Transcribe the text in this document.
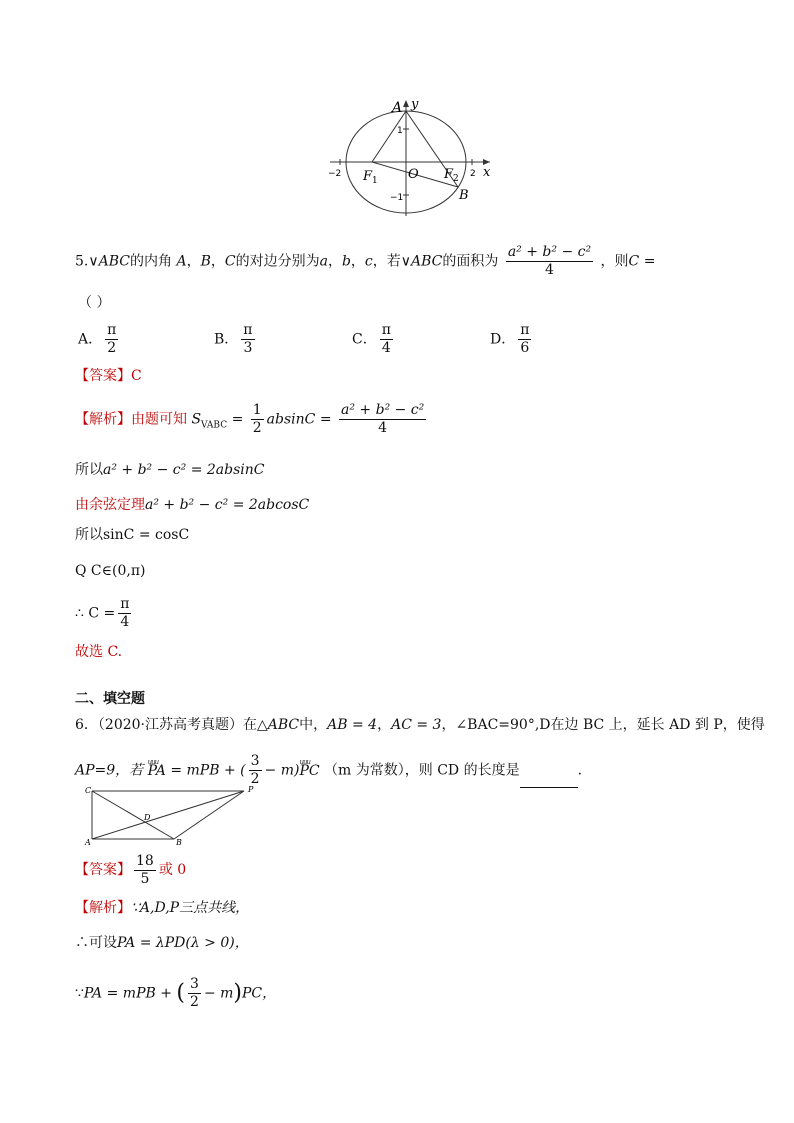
A y
x
O
$F_1$	$F_2$
B
1
−1
−2	2
5.∨ABC的内角 A，B，C的对边分别为a，b，c，若∨ABC的面积为 $\frac{\text{a² + b² − c²}}{4}$ ，则C =
（ ）
A． $\frac{\pi}{2}$	B． $\frac{\pi}{3}$	C． $\frac{\pi}{4}$	D． $\frac{\pi}{6}$
【答案】C
【解析】由题可知 $S_{VABC} = \frac{1}{2}$ $absinC = \frac{\text{a² + b² − c²}}{4}$
所以a² + b² − c² = 2absinC
由余弦定理a² + b² − c² = 2abcosC
所以sinC = cosC
Q C∈(0,π)
∴ $C = \frac{\pi}{4}$
故选 C.
二、填空题
6．（2020·江苏高考真题）在△ABC中，AB = 4，AC = 3，∠BAC=90°,D在边 BC 上，延长 AD 到 P，使得
AP=9，若 uuu PA = mPB + ( $\frac{3}{2} - m)uuu$ PC （m 为常数），则 CD 的长度是	.
C	P
D
A	B
【答案】 $\frac{18}{5}$ 或 0
【解析】∵A,D,P三点共线，
∴可设PA = λPD(λ > 0)，
∵PA = mPB + ( $\frac{3}{2} - m)PC$，
